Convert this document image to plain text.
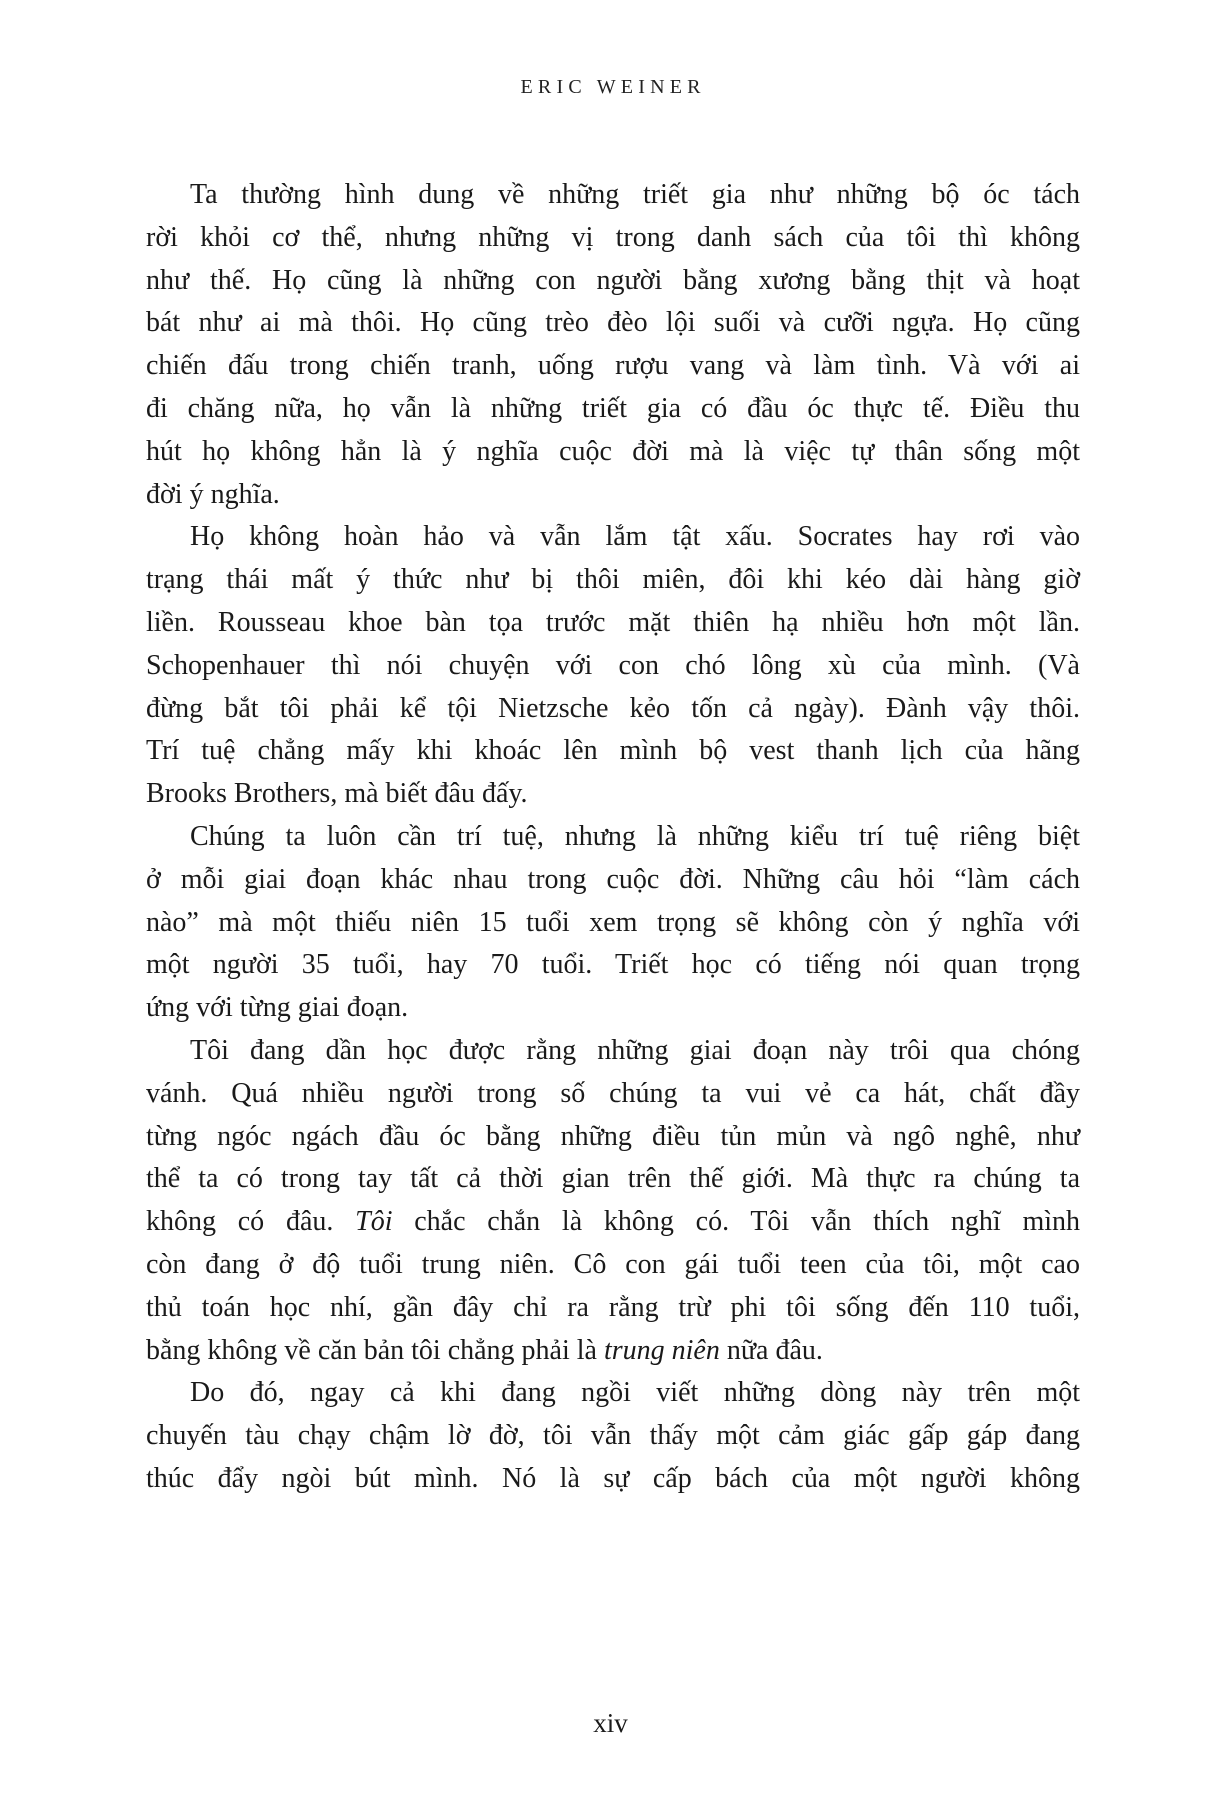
ERIC WEINER
Ta thường hình dung về những triết gia như những bộ óc tách
rời khỏi cơ thể, nhưng những vị trong danh sách của tôi thì không
như thế. Họ cũng là những con người bằng xương bằng thịt và hoạt
bát như ai mà thôi. Họ cũng trèo đèo lội suối và cưỡi ngựa. Họ cũng
chiến đấu trong chiến tranh, uống rượu vang và làm tình. Và với ai
đi chăng nữa, họ vẫn là những triết gia có đầu óc thực tế. Điều thu
hút họ không hẳn là ý nghĩa cuộc đời mà là việc tự thân sống một
đời ý nghĩa.
Họ không hoàn hảo và vẫn lắm tật xấu. Socrates hay rơi vào
trạng thái mất ý thức như bị thôi miên, đôi khi kéo dài hàng giờ
liền. Rousseau khoe bàn tọa trước mặt thiên hạ nhiều hơn một lần.
Schopenhauer thì nói chuyện với con chó lông xù của mình. (Và
đừng bắt tôi phải kể tội Nietzsche kẻo tốn cả ngày). Đành vậy thôi.
Trí tuệ chẳng mấy khi khoác lên mình bộ vest thanh lịch của hãng
Brooks Brothers, mà biết đâu đấy.
Chúng ta luôn cần trí tuệ, nhưng là những kiểu trí tuệ riêng biệt
ở mỗi giai đoạn khác nhau trong cuộc đời. Những câu hỏi “làm cách
nào” mà một thiếu niên 15 tuổi xem trọng sẽ không còn ý nghĩa với
một người 35 tuổi, hay 70 tuổi. Triết học có tiếng nói quan trọng
ứng với từng giai đoạn.
Tôi đang dần học được rằng những giai đoạn này trôi qua chóng
vánh. Quá nhiều người trong số chúng ta vui vẻ ca hát, chất đầy
từng ngóc ngách đầu óc bằng những điều tủn mủn và ngô nghê, như
thể ta có trong tay tất cả thời gian trên thế giới. Mà thực ra chúng ta
không có đâu. Tôi chắc chắn là không có. Tôi vẫn thích nghĩ mình
còn đang ở độ tuổi trung niên. Cô con gái tuổi teen của tôi, một cao
thủ toán học nhí, gần đây chỉ ra rằng trừ phi tôi sống đến 110 tuổi,
bằng không về căn bản tôi chẳng phải là trung niên nữa đâu.
Do đó, ngay cả khi đang ngồi viết những dòng này trên một
chuyến tàu chạy chậm lờ đờ, tôi vẫn thấy một cảm giác gấp gáp đang
thúc đẩy ngòi bút mình. Nó là sự cấp bách của một người không
xiv
